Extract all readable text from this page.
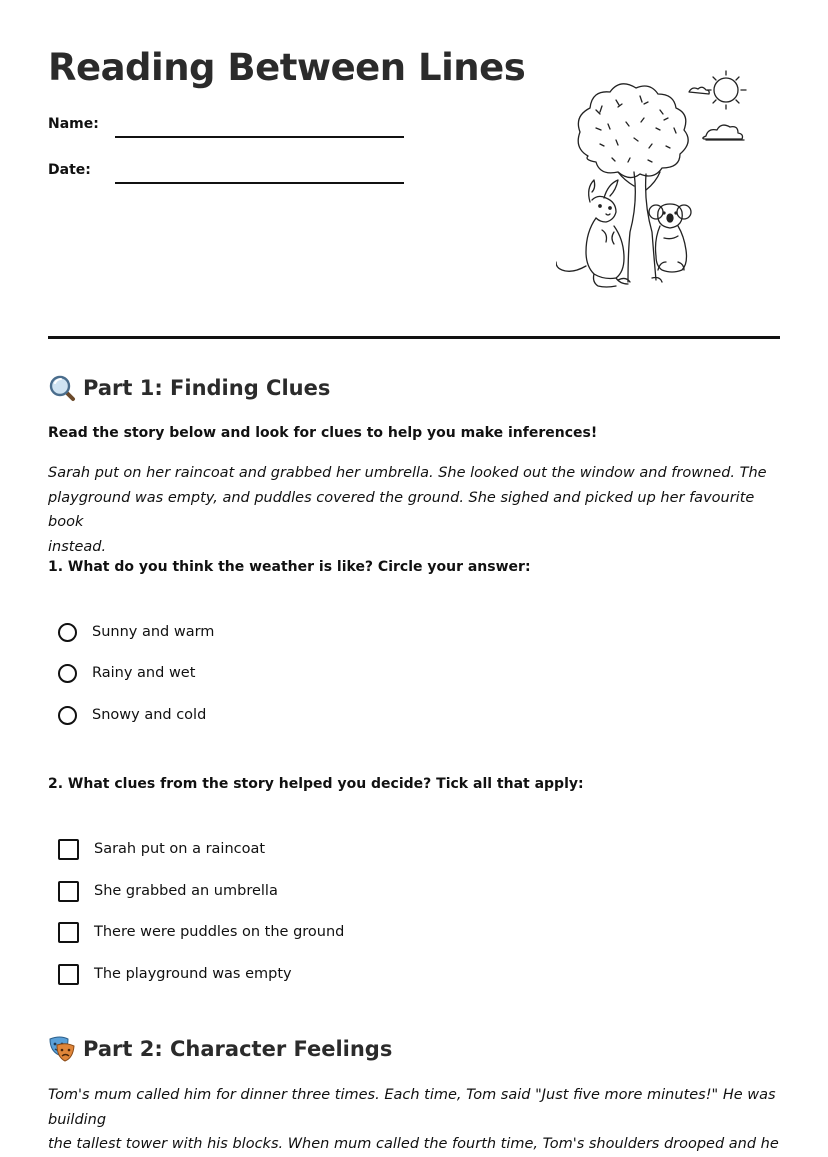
Reading Between Lines
Name:
Date:
Part 1: Finding Clues
Read the story below and look for clues to help you make inferences!
Sarah put on her raincoat and grabbed her umbrella. She looked out the window and frowned. The
playground was empty, and puddles covered the ground. She sighed and picked up her favourite book
instead.
1. What do you think the weather is like? Circle your answer:
Sunny and warm
Rainy and wet
Snowy and cold
2. What clues from the story helped you decide? Tick all that apply:
Sarah put on a raincoat
She grabbed an umbrella
There were puddles on the ground
The playground was empty
Part 2: Character Feelings
Tom's mum called him for dinner three times. Each time, Tom said "Just five more minutes!" He was building
the tallest tower with his blocks. When mum called the fourth time, Tom's shoulders drooped and he
